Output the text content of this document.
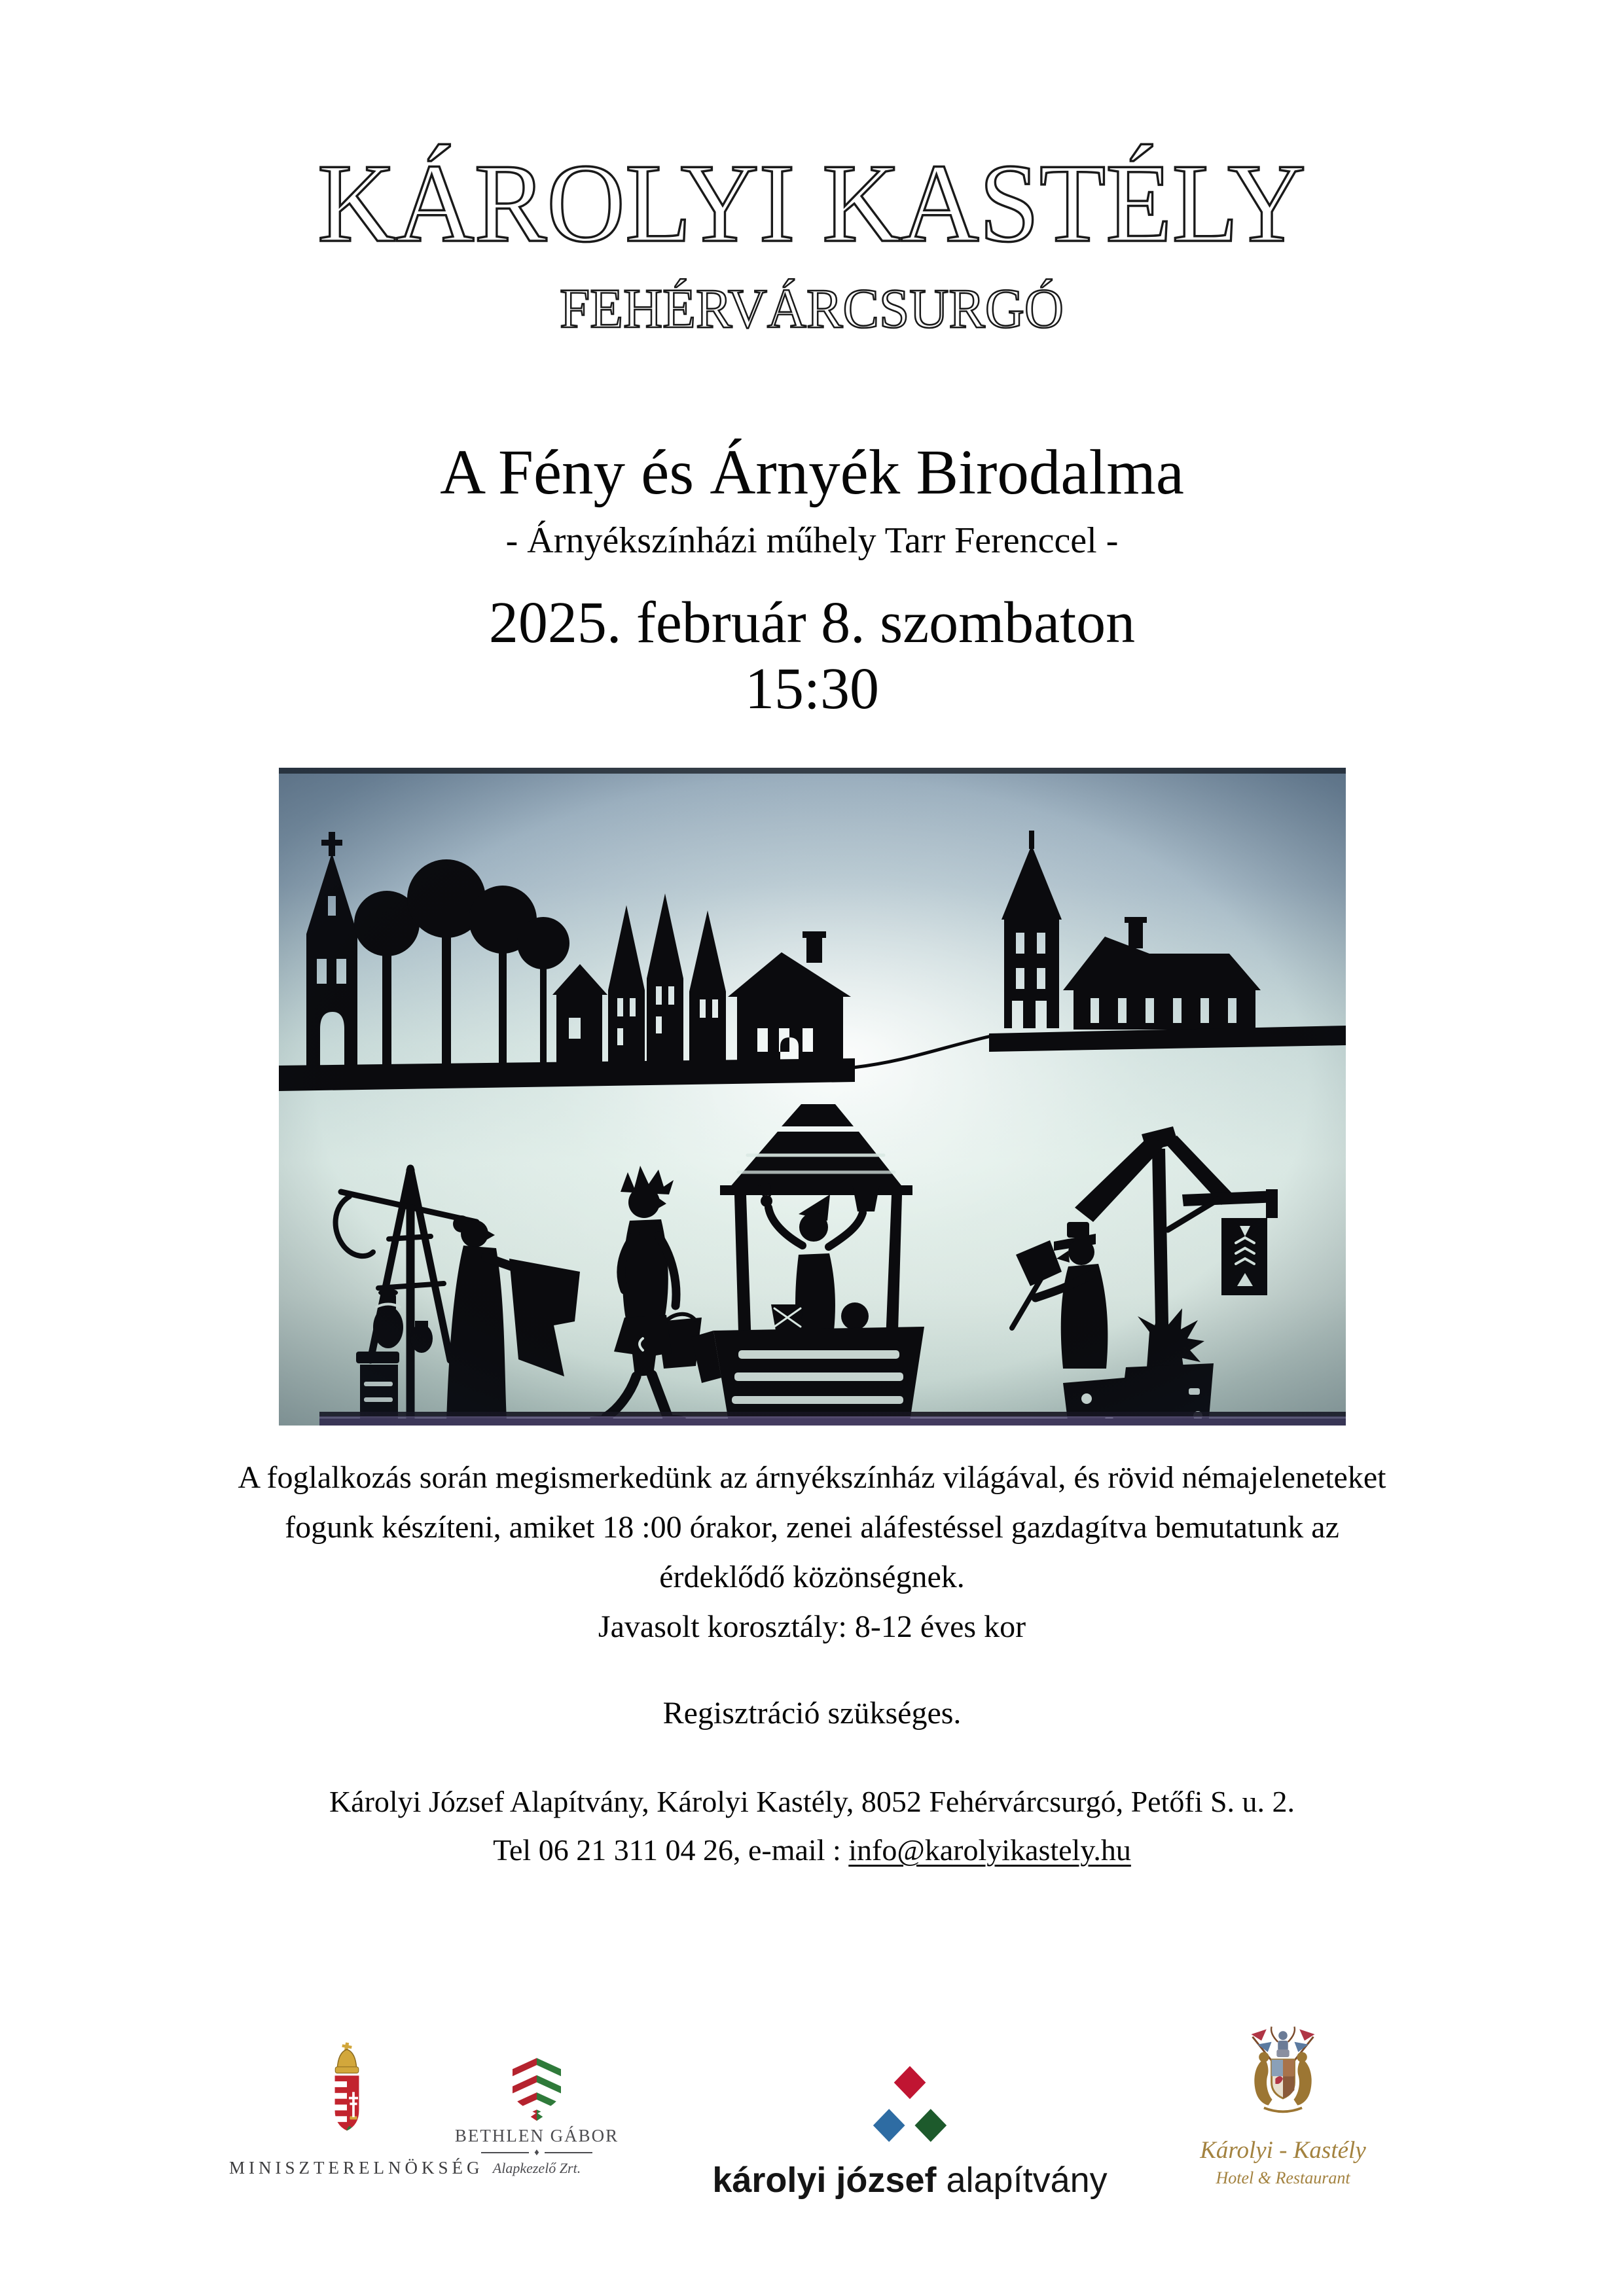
KÁROLYI KASTÉLY
FEHÉRVÁRCSURGÓ
A Fény és Árnyék Birodalma
- Árnyékszínházi műhely Tarr Ferenccel -
2025. február 8. szombaton
15:30
A foglalkozás során megismerkedünk az árnyékszínház világával, és rövid némajeleneteket
fogunk készíteni, amiket 18 :00 órakor, zenei aláfestéssel gazdagítva bemutatunk az
érdeklődő közönségnek.
Javasolt korosztály: 8-12 éves kor
Regisztráció szükséges.
Károlyi József Alapítvány, Károlyi Kastély, 8052 Fehérvárcsurgó, Petőfi S. u. 2.
Tel 06 21 311 04 26, e-mail : info@karolyikastely.hu
MINISZTERELNÖKSÉG
BETHLEN GÁBOR
♦
Alapkezelő Zrt.	károlyi józsef alapítvány
Károlyi - Kastély
Hotel & Restaurant
